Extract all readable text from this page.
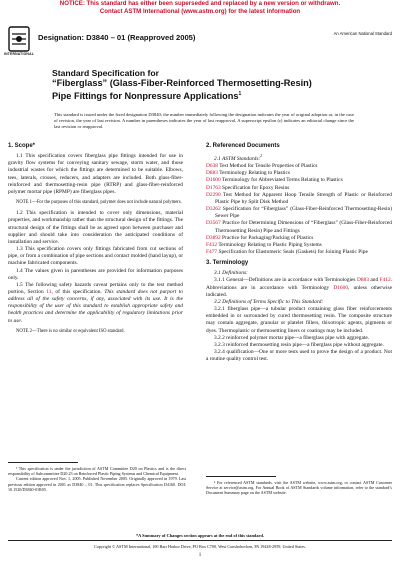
NOTICE: This standard has either been superseded and replaced by a new version or withdrawn.
Contact ASTM International (www.astm.org) for the latest information
INTERNATIONAL
Designation: D3840 – 01 (Reapproved 2005)	An American National Standard
Standard Specification for
“Fiberglass” (Glass-Fiber-Reinforced Thermosetting-Resin)
Pipe Fittings for Nonpressure Applications$^1$
This standard is issued under the fixed designation D3840; the number immediately following the designation indicates the year of original adoption or, in the case of revision, the year of last revision. A number in parentheses indicates the year of last reapproval. A superscript epsilon (ε) indicates an editorial change since the last revision or reapproval.
1. Scope*

1.1 This specification covers fiberglass pipe fittings intended for use in gravity flow systems for conveying sanitary sewage, storm water, and those industrial wastes for which the fittings are determined to be suitable. Elbows, tees, laterals, crosses, reducers, and adapters are included. Both glass-fiber-reinforced and thermosetting-resin pipe (RTRP) and glass-fiber-reinforced polymer mortar pipe (RPMP) are fiberglass pipes.

NOTE 1—For the purposes of this standard, polymer does not include natural polymers.

1.2 This specification is intended to cover only dimensions, material properties, and workmanship rather than the structural design of the fittings. The structural design of the fittings shall be as agreed upon between purchaser and supplier and should take into consideration the anticipated conditions of installation and service.

1.3 This specification covers only fittings fabricated from cut sections of pipe, or from a combination of pipe sections and contact molded (hand layup), or machine fabricated components.

1.4 The values given in parentheses are provided for information purposes only.

1.5 The following safety hazards caveat pertains only to the test method portion, Section 11, of this specification. This standard does not purport to address all of the safety concerns, if any, associated with its use. It is the responsibility of the user of this standard to establish appropriate safety and health practices and determine the applicability of regulatory limitations prior to use.

NOTE 2—There is no similar or equivalent ISO standard.

¹ This specification is under the jurisdiction of ASTM Committee D20 on Plastics and is the direct responsibility of Subcommittee D20.23 on Reinforced Plastic Piping Systems and Chemical Equipment.

Current edition approved Nov. 1, 2005. Published November 2005. Originally approved in 1979. Last previous edition approved in 2001 as D3840 – 01. This specification replaces Specification D4160. DOI: 10.1520/D3840-01R05.

2. Referenced Documents

2.1 ASTM Standards:$^2$

D638 Test Method for Tensile Properties of Plastics

D883 Terminology Relating to Plastics

D1600 Terminology for Abbreviated Terms Relating to Plastics

D1763 Specification for Epoxy Resins

D2290 Test Method for Apparent Hoop Tensile Strength of Plastic or Reinforced Plastic Pipe by Split Disk Method

D3262 Specification for “Fiberglass” (Glass-Fiber-Reinforced Thermosetting-Resin) Sewer Pipe

D3567 Practice for Determining Dimensions of “Fiberglass” (Glass-Fiber-Reinforced Thermosetting Resin) Pipe and Fittings

D3892 Practice for Packaging/Packing of Plastics

F412 Terminology Relating to Plastic Piping Systems

F477 Specification for Elastomeric Seals (Gaskets) for Joining Plastic Pipe

3. Terminology

3.1 Definitions:

3.1.1 General—Definitions are in accordance with Terminologies D883 and F412. Abbreviations are in accordance with Terminology D1600, unless otherwise indicated.

3.2 Definitions of Terms Specific to This Standard:

3.2.1 fiberglass pipe—a tubular product containing glass fiber reinforcements embedded in or surrounded by cured thermosetting resin. The composite structure may contain aggregate, granular or platelet fillers, thixotropic agents, pigments or dyes. Thermoplastic or thermosetting liners or coatings may be included.

3.2.2 reinforced polymer mortar pipe—a fiberglass pipe with aggregate.

3.2.3 reinforced thermosetting resin pipe—a fiberglass pipe without aggregate.

3.2.4 qualification—One or more tests used to prove the design of a product. Not a routine quality control test.

² For referenced ASTM standards, visit the ASTM website, www.astm.org, or contact ASTM Customer Service at service@astm.org. For Annual Book of ASTM Standards volume information, refer to the standard’s Document Summary page on the ASTM website.
*A Summary of Changes section appears at the end of this standard.
Copyright © ASTM International, 100 Barr Harbor Drive, PO Box C700, West Conshohocken, PA 19428-2959, United States.
1
